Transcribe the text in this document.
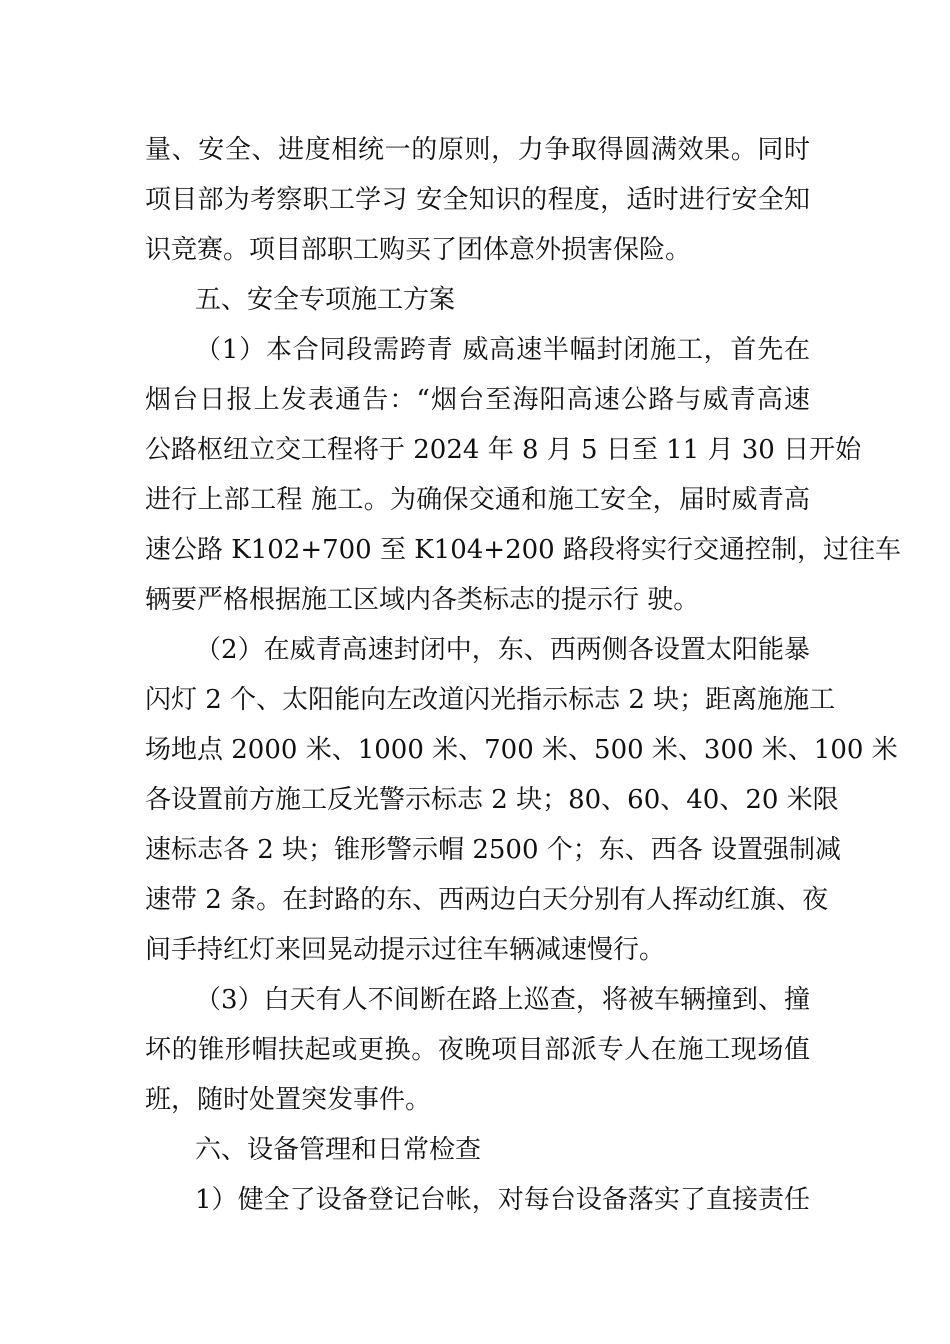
量、安全、进度相统一的原则，力争取得圆满效果。同时
项目部为考察职工学习 安全知识的程度，适时进行安全知
识竞赛。项目部职工购买了团体意外损害保险。
五、安全专项施工方案
（1）本合同段需跨青 威高速半幅封闭施工，首先在
烟台日报上发表通告：“烟台至海阳高速公路与威青高速
公路枢纽立交工程将于 2024 年 8 月 5 日至 11 月 30 日开始
进行上部工程 施工。为确保交通和施工安全，届时威青高
速公路 K102+700 至 K104+200 路段将实行交通控制，过往车
辆要严格根据施工区域内各类标志的提示行 驶。
（2）在威青高速封闭中，东、西两侧各设置太阳能暴
闪灯 2 个、太阳能向左改道闪光指示标志 2 块；距离施施工
场地点 2000 米、1000 米、700 米、500 米、300 米、100 米
各设置前方施工反光警示标志 2 块；80、60、40、20 米限
速标志各 2 块；锥形警示帽 2500 个；东、西各 设置强制减
速带 2 条。在封路的东、西两边白天分别有人挥动红旗、夜
间手持红灯来回晃动提示过往车辆减速慢行。
（3）白天有人不间断在路上巡查，将被车辆撞到、撞
坏的锥形帽扶起或更换。夜晚项目部派专人在施工现场值
班，随时处置突发事件。
六、设备管理和日常检查
1）健全了设备登记台帐，对每台设备落实了直接责任
